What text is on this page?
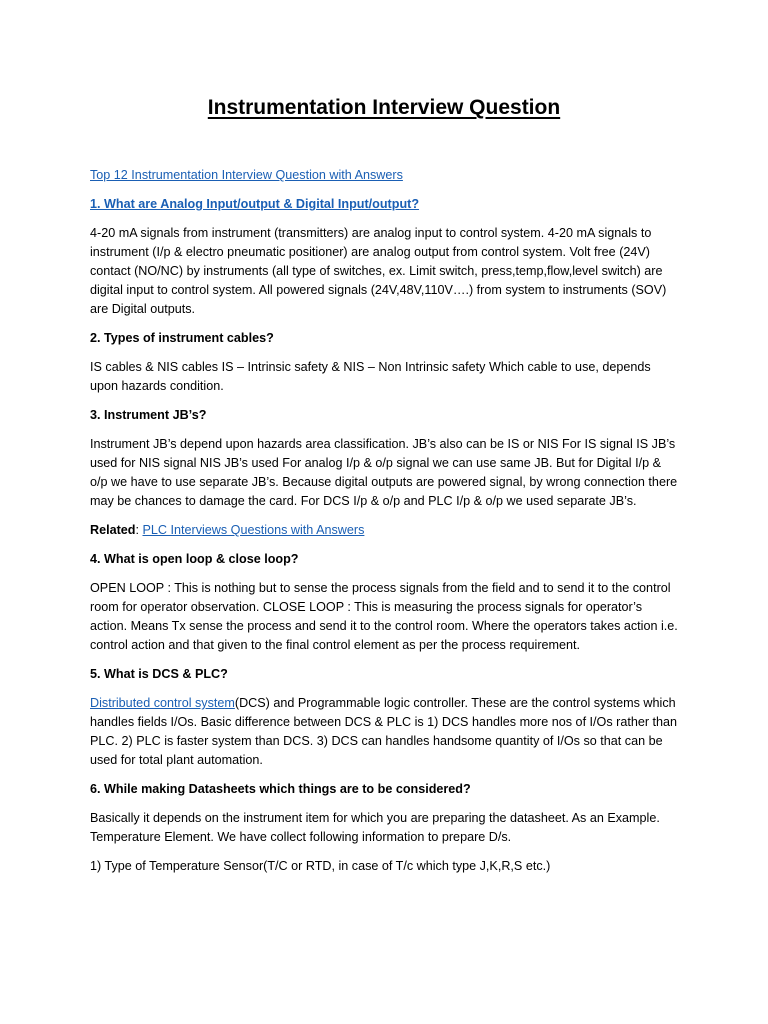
Instrumentation Interview Question

Top 12 Instrumentation Interview Question with Answers

1. What are Analog Input/output & Digital Input/output?

4-20 mA signals from instrument (transmitters) are analog input to control system. 4-20 mA signals to instrument (I/p & electro pneumatic positioner) are analog output from control system. Volt free (24V) contact (NO/NC) by instruments (all type of switches, ex. Limit switch, press,temp,flow,level switch) are digital input to control system. All powered signals (24V,48V,110V….) from system to instruments (SOV) are Digital outputs.

2. Types of instrument cables?

IS cables & NIS cables IS – Intrinsic safety & NIS – Non Intrinsic safety Which cable to use, depends upon hazards condition.

3. Instrument JB’s?

Instrument JB’s depend upon hazards area classification. JB’s also can be IS or NIS For IS signal IS JB’s used for NIS signal NIS JB’s used For analog I/p & o/p signal we can use same JB. But for Digital I/p & o/p we have to use separate JB’s. Because digital outputs are powered signal, by wrong connection there may be chances to damage the card. For DCS I/p & o/p and PLC I/p & o/p we used separate JB’s.

Related: PLC Interviews Questions with Answers

4. What is open loop & close loop?

OPEN LOOP : This is nothing but to sense the process signals from the field and to send it to the control room for operator observation. CLOSE LOOP : This is measuring the process signals for operator’s action. Means Tx sense the process and send it to the control room. Where the operators takes action i.e. control action and that given to the final control element as per the process requirement.

5. What is DCS & PLC?

Distributed control system(DCS) and Programmable logic controller. These are the control systems which handles fields I/Os. Basic difference between DCS & PLC is 1) DCS handles more nos of I/Os rather than PLC. 2) PLC is faster system than DCS. 3) DCS can handles handsome quantity of I/Os so that can be used for total plant automation.

6. While making Datasheets which things are to be considered?

Basically it depends on the instrument item for which you are preparing the datasheet. As an Example. Temperature Element. We have collect following information to prepare D/s.

1) Type of Temperature Sensor(T/C or RTD, in case of T/c which type J,K,R,S etc.)
